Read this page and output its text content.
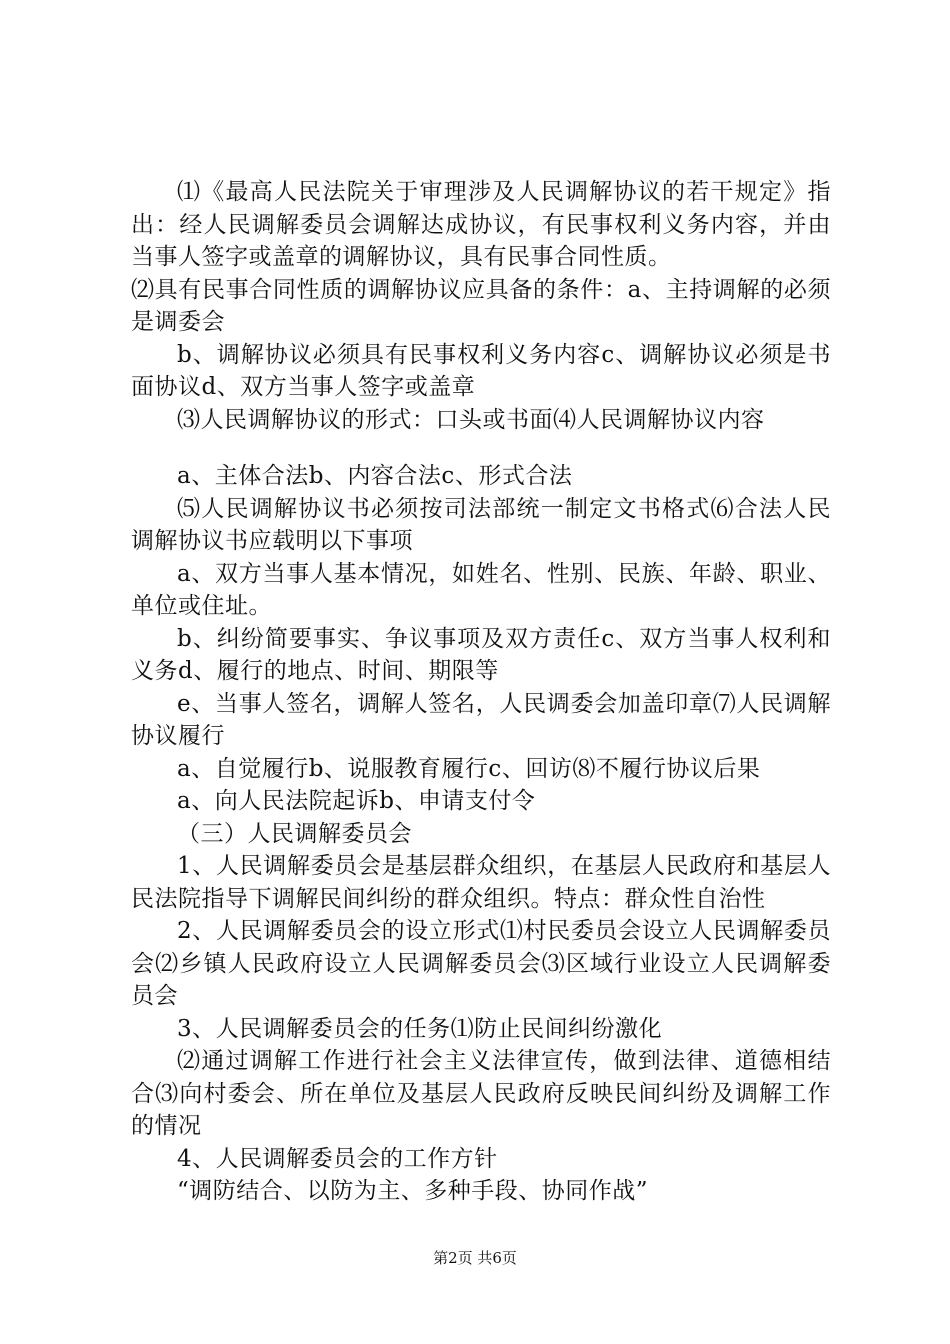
⑴《最高人民法院关于审理涉及人民调解协议的若干规定》指出：经人民调解委员会调解达成协议，有民事权利义务内容，并由当事人签字或盖章的调解协议，具有民事合同性质。

⑵具有民事合同性质的调解协议应具备的条件：a、主持调解的必须是调委会

b、调解协议必须具有民事权利义务内容c、调解协议必须是书面协议d、双方当事人签字或盖章

⑶人民调解协议的形式：口头或书面⑷人民调解协议内容

a、主体合法b、内容合法c、形式合法

⑸人民调解协议书必须按司法部统一制定文书格式⑹合法人民调解协议书应载明以下事项

a、双方当事人基本情况，如姓名、性别、民族、年龄、职业、单位或住址。

b、纠纷简要事实、争议事项及双方责任c、双方当事人权利和义务d、履行的地点、时间、期限等

e、当事人签名，调解人签名，人民调委会加盖印章⑺人民调解协议履行

a、自觉履行b、说服教育履行c、回访⑻不履行协议后果

a、向人民法院起诉b、申请支付令

（三）人民调解委员会

1、人民调解委员会是基层群众组织，在基层人民政府和基层人民法院指导下调解民间纠纷的群众组织。特点：群众性自治性

2、人民调解委员会的设立形式⑴村民委员会设立人民调解委员会⑵乡镇人民政府设立人民调解委员会⑶区域行业设立人民调解委员会

3、人民调解委员会的任务⑴防止民间纠纷激化

⑵通过调解工作进行社会主义法律宣传，做到法律、道德相结合⑶向村委会、所在单位及基层人民政府反映民间纠纷及调解工作的情况

4、人民调解委员会的工作方针

“调防结合、以防为主、多种手段、协同作战”

第2页 共6页
